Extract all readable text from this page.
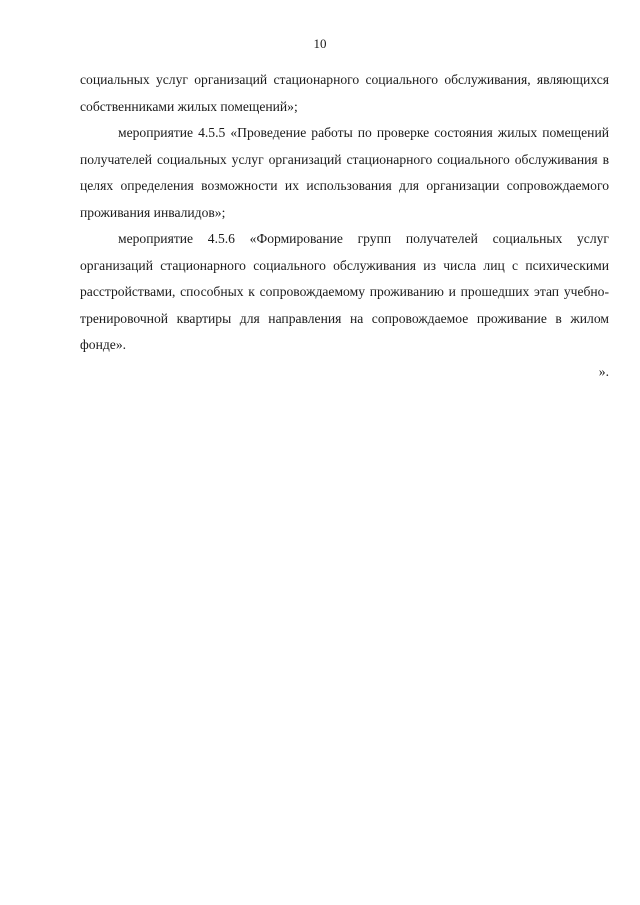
10

социальных услуг организаций стационарного социального обслуживания, являющихся собственниками жилых помещений»;

мероприятие 4.5.5 «Проведение работы по проверке состояния жилых помещений получателей социальных услуг организаций стационарного социального обслуживания в целях определения возможности их использования для организации сопровождаемого проживания инвалидов»;

мероприятие 4.5.6 «Формирование групп получателей социальных услуг организаций стационарного социального обслуживания из числа лиц с психическими расстройствами, способных к сопровождаемому проживанию и прошедших этап учебно-тренировочной квартиры для направления на сопровождаемое проживание в жилом фонде».

».
